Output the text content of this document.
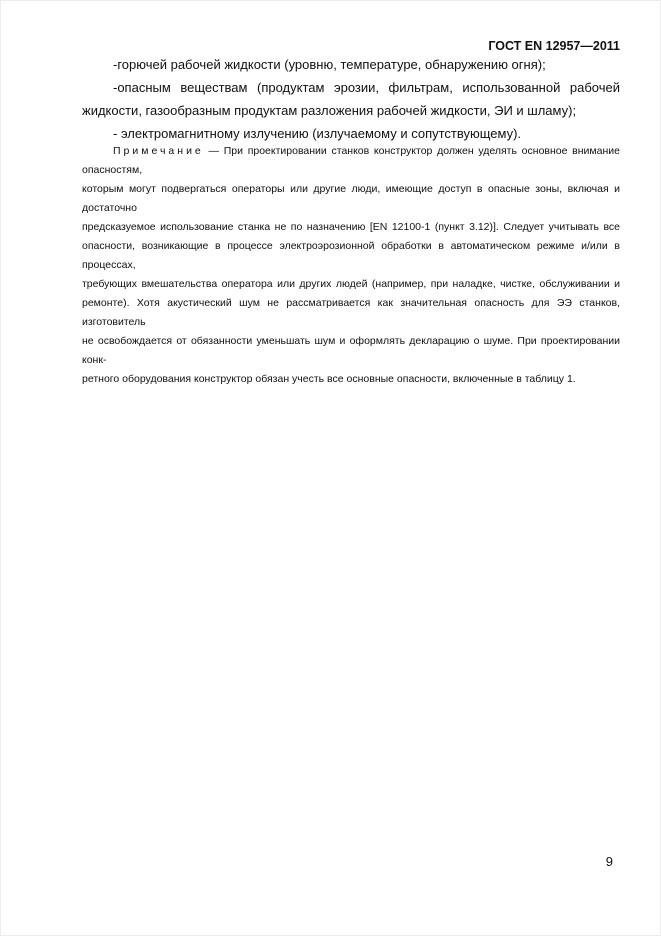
ГОСТ EN 12957—2011
-горючей рабочей жидкости (уровню, температуре, обнаружению огня);
-опасным веществам (продуктам эрозии, фильтрам, использованной рабочей
жидкости, газообразным продуктам разложения рабочей жидкости, ЭИ и шламу);
- электромагнитному излучению (излучаемому и сопутствующему).
Примечание — При проектировании станков конструктор должен уделять основное внимание опасностям,
которым могут подвергаться операторы или другие люди, имеющие доступ в опасные зоны, включая и достаточно
предсказуемое использование станка не по назначению [EN 12100-1 (пункт 3.12)]. Следует учитывать все
опасности, возникающие в процессе электроэрозионной обработки в автоматическом режиме и/или в процессах,
требующих вмешательства оператора или других людей (например, при наладке, чистке, обслуживании и
ремонте). Хотя акустический шум не рассматривается как значительная опасность для ЭЭ станков, изготовитель
не освобождается от обязанности уменьшать шум и оформлять декларацию о шуме. При проектировании конк-
ретного оборудования конструктор обязан учесть все основные опасности, включенные в таблицу 1.
9
